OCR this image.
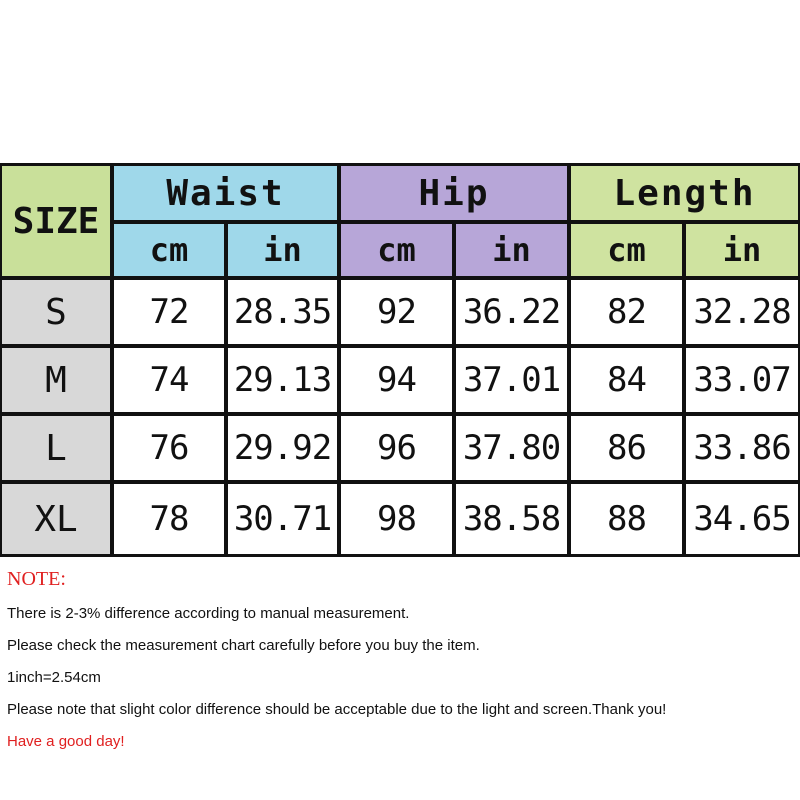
SIZE
Waist	Hip	Length
cm	in	cm	in	cm	in
S	72	28.35	92	36.22	82	32.28
M	74	29.13	94	37.01	84	33.07
L	76	29.92	96	37.80	86	33.86
XL	78	30.71	98	38.58	88	34.65
NOTE:
There is 2-3% difference according to manual measurement.
Please check the measurement chart carefully before you buy the item.
1inch=2.54cm
Please note that slight color difference should be acceptable due to the light and screen.Thank you!
Have a good day!
